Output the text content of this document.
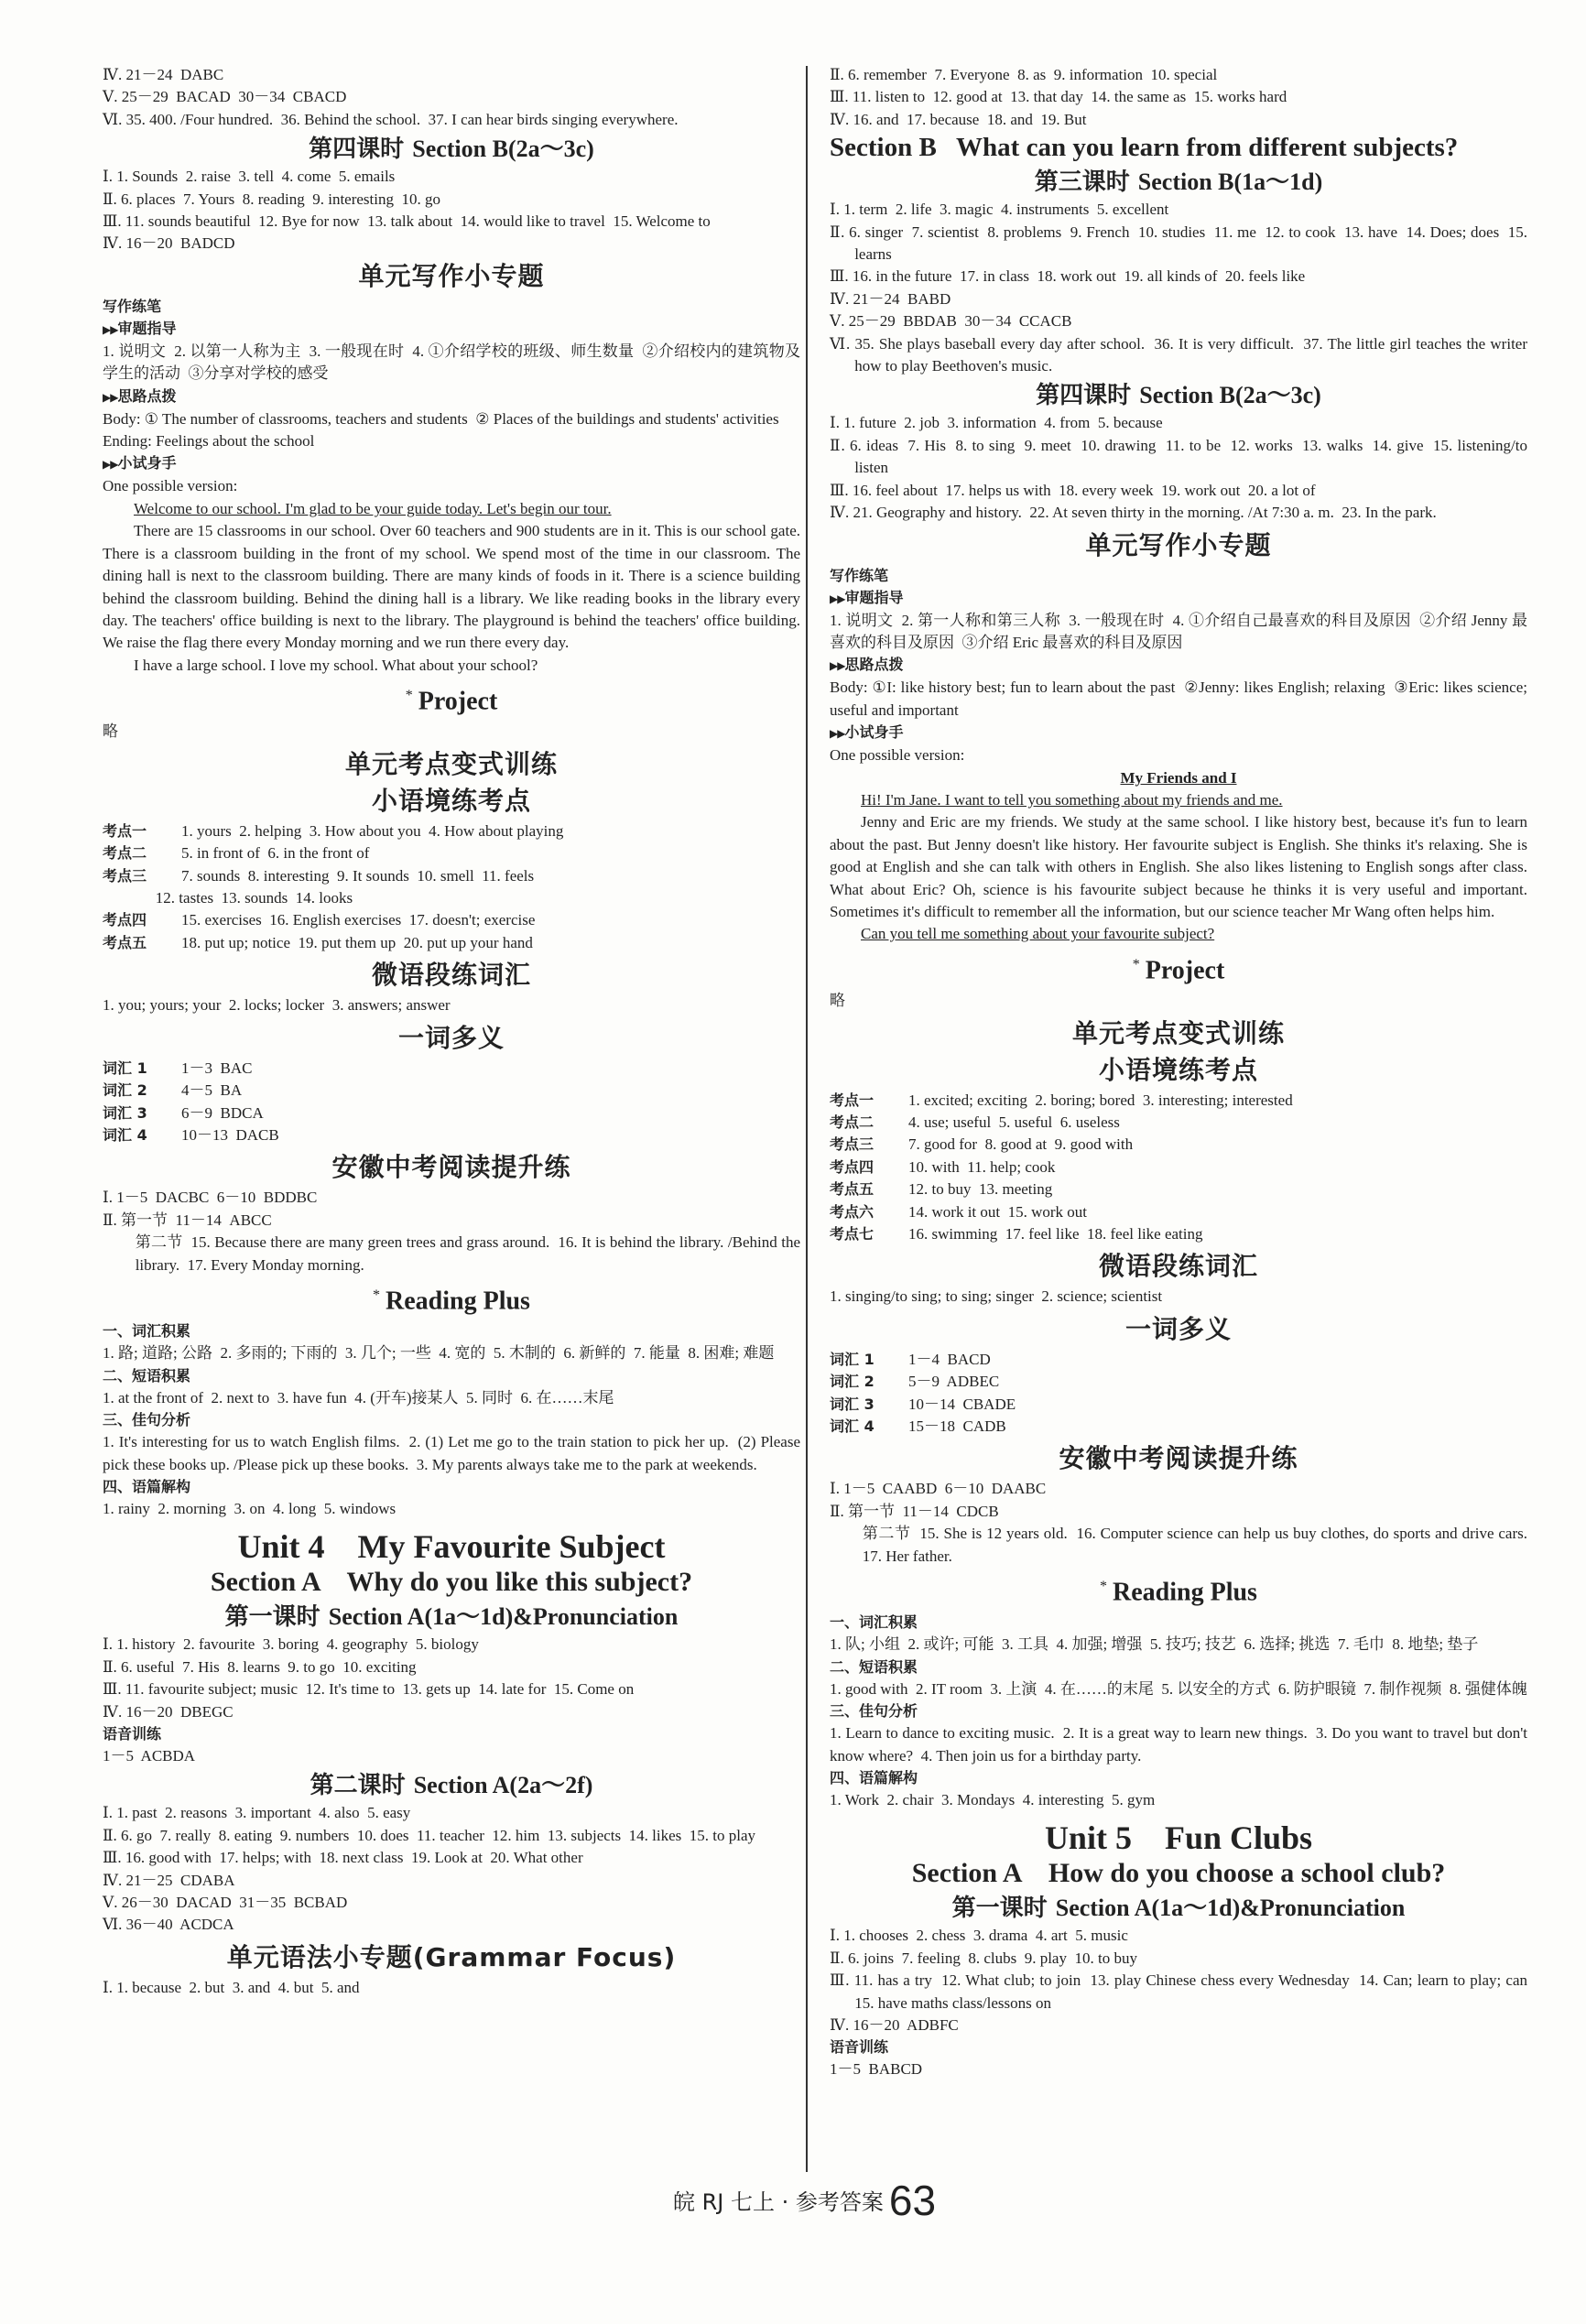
Ⅳ. 21－24  DABC

Ⅴ. 25－29  BACAD  30－34  CBACD

Ⅵ. 35. 400. /Four hundred.  36. Behind the school.  37. I can hear birds singing everywhere.

第四课时 Section B(2a～3c)

Ⅰ. 1. Sounds  2. raise  3. tell  4. come  5. emails

Ⅱ. 6. places  7. Yours  8. reading  9. interesting  10. go

Ⅲ. 11. sounds beautiful  12. Bye for now  13. talk about  14. would like to travel  15. Welcome to

Ⅳ. 16－20  BADCD

单元写作小专题
写作练笔
▶▶审题指导

1. 说明文  2. 以第一人称为主  3. 一般现在时  4. ①介绍学校的班级、师生数量  ②介绍校内的建筑物及学生的活动  ③分享对学校的感受

▶▶思路点拨

Body: ① The number of classrooms, teachers and students  ② Places of the buildings and students' activities

Ending: Feelings about the school

▶▶小试身手

One possible version:

Welcome to our school. I'm glad to be your guide today. Let's begin our tour.

There are 15 classrooms in our school. Over 60 teachers and 900 students are in it. This is our school gate. There is a classroom building in the front of my school. We spend most of the time in our classroom. The dining hall is next to the classroom building. There are many kinds of foods in it. There is a science building behind the classroom building. Behind the dining hall is a library. We like reading books in the library every day. The teachers' office building is next to the library. The playground is behind the teachers' office building. We raise the flag there every Monday morning and we run there every day.

I have a large school. I love my school. What about your school?

* Project

略

单元考点变式训练
小语境练考点

考点一 1. yours  2. helping  3. How about you  4. How about playing

考点二 5. in front of  6. in the front of

考点三 7. sounds  8. interesting  9. It sounds  10. smell  11. feels

12. tastes  13. sounds  14. looks

考点四 15. exercises  16. English exercises  17. doesn't; exercise

考点五 18. put up; notice  19. put them up  20. put up your hand

微语段练词汇

1. you; yours; your  2. locks; locker  3. answers; answer

一词多义

词汇 1 1－3  BAC

词汇 2 4－5  BA

词汇 3 6－9  BDCA

词汇 4 10－13  DACB

安徽中考阅读提升练

Ⅰ. 1－5  DACBC  6－10  BDDBC

Ⅱ. 第一节  11－14  ABCC

第二节  15. Because there are many green trees and grass around.  16. It is behind the library. /Behind the library.  17. Every Monday morning.

* Reading Plus
一、词汇积累

1. 路; 道路; 公路  2. 多雨的; 下雨的  3. 几个; 一些  4. 宽的  5. 木制的  6. 新鲜的  7. 能量  8. 困难; 难题

二、短语积累

1. at the front of  2. next to  3. have fun  4. (开车)接某人  5. 同时  6. 在……末尾

三、佳句分析

1. It's interesting for us to watch English films.  2. (1) Let me go to the train station to pick her up.  (2) Please pick these books up. /Please pick up these books.  3. My parents always take me to the park at weekends.

四、语篇解构

1. rainy  2. morning  3. on  4. long  5. windows

Unit 4    My Favourite Subject
Section A    Why do you like this subject?
第一课时 Section A(1a～1d)&Pronunciation

Ⅰ. 1. history  2. favourite  3. boring  4. geography  5. biology

Ⅱ. 6. useful  7. His  8. learns  9. to go  10. exciting

Ⅲ. 11. favourite subject; music  12. It's time to  13. gets up  14. late for  15. Come on

Ⅳ. 16－20  DBEGC

语音训练

1－5  ACBDA

第二课时 Section A(2a～2f)

Ⅰ. 1. past  2. reasons  3. important  4. also  5. easy

Ⅱ. 6. go  7. really  8. eating  9. numbers  10. does  11. teacher  12. him  13. subjects  14. likes  15. to play

Ⅲ. 16. good with  17. helps; with  18. next class  19. Look at  20. What other

Ⅳ. 21－25  CDABA

Ⅴ. 26－30  DACAD  31－35  BCBAD

Ⅵ. 36－40  ACDCA

单元语法小专题(Grammar Focus)

Ⅰ. 1. because  2. but  3. and  4. but  5. and

Ⅱ. 6. remember  7. Everyone  8. as  9. information  10. special

Ⅲ. 11. listen to  12. good at  13. that day  14. the same as  15. works hard

Ⅳ. 16. and  17. because  18. and  19. But

Section B   What can you learn from different subjects?
第三课时 Section B(1a～1d)

Ⅰ. 1. term  2. life  3. magic  4. instruments  5. excellent

Ⅱ. 6. singer  7. scientist  8. problems  9. French  10. studies  11. me  12. to cook  13. have  14. Does; does  15. learns

Ⅲ. 16. in the future  17. in class  18. work out  19. all kinds of  20. feels like

Ⅳ. 21－24  BABD

Ⅴ. 25－29  BBDAB  30－34  CCACB

Ⅵ. 35. She plays baseball every day after school.  36. It is very difficult.  37. The little girl teaches the writer how to play Beethoven's music.

第四课时 Section B(2a～3c)

Ⅰ. 1. future  2. job  3. information  4. from  5. because

Ⅱ. 6. ideas  7. His  8. to sing  9. meet  10. drawing  11. to be  12. works  13. walks  14. give  15. listening/to listen

Ⅲ. 16. feel about  17. helps us with  18. every week  19. work out  20. a lot of

Ⅳ. 21. Geography and history.  22. At seven thirty in the morning. /At 7:30 a. m.  23. In the park.

单元写作小专题
写作练笔
▶▶审题指导

1. 说明文  2. 第一人称和第三人称  3. 一般现在时  4. ①介绍自己最喜欢的科目及原因  ②介绍 Jenny 最喜欢的科目及原因  ③介绍 Eric 最喜欢的科目及原因

▶▶思路点拨

Body: ①I: like history best; fun to learn about the past  ②Jenny: likes English; relaxing  ③Eric: likes science; useful and important

▶▶小试身手

One possible version:

My Friends and I

Hi! I'm Jane. I want to tell you something about my friends and me.

Jenny and Eric are my friends. We study at the same school. I like history best, because it's fun to learn about the past. But Jenny doesn't like history. Her favourite subject is English. She thinks it's relaxing. She is good at English and she can talk with others in English. She also likes listening to English songs after class. What about Eric? Oh, science is his favourite subject because he thinks it is very useful and important. Sometimes it's difficult to remember all the information, but our science teacher Mr Wang often helps him.

Can you tell me something about your favourite subject?

* Project

略

单元考点变式训练
小语境练考点

考点一 1. excited; exciting  2. boring; bored  3. interesting; interested

考点二 4. use; useful  5. useful  6. useless

考点三 7. good for  8. good at  9. good with

考点四 10. with  11. help; cook

考点五 12. to buy  13. meeting

考点六 14. work it out  15. work out

考点七 16. swimming  17. feel like  18. feel like eating

微语段练词汇

1. singing/to sing; to sing; singer  2. science; scientist

一词多义

词汇 1 1－4  BACD

词汇 2 5－9  ADBEC

词汇 3 10－14  CBADE

词汇 4 15－18  CADB

安徽中考阅读提升练

Ⅰ. 1－5  CAABD  6－10  DAABC

Ⅱ. 第一节  11－14  CDCB

第二节  15. She is 12 years old.  16. Computer science can help us buy clothes, do sports and drive cars.  17. Her father.

* Reading Plus
一、词汇积累

1. 队; 小组  2. 或许; 可能  3. 工具  4. 加强; 增强  5. 技巧; 技艺  6. 选择; 挑选  7. 毛巾  8. 地垫; 垫子

二、短语积累

1. good with  2. IT room  3. 上演  4. 在……的末尾  5. 以安全的方式  6. 防护眼镜  7. 制作视频  8. 强健体魄

三、佳句分析

1. Learn to dance to exciting music.  2. It is a great way to learn new things.  3. Do you want to travel but don't know where?  4. Then join us for a birthday party.

四、语篇解构

1. Work  2. chair  3. Mondays  4. interesting  5. gym

Unit 5    Fun Clubs
Section A    How do you choose a school club?
第一课时 Section A(1a～1d)&Pronunciation

Ⅰ. 1. chooses  2. chess  3. drama  4. art  5. music

Ⅱ. 6. joins  7. feeling  8. clubs  9. play  10. to buy

Ⅲ. 11. has a try  12. What club; to join  13. play Chinese chess every Wednesday  14. Can; learn to play; can  15. have maths class/lessons on

Ⅳ. 16－20  ADBFC

语音训练

1－5  BABCD

皖 RJ 七上 · 参考答案 63
